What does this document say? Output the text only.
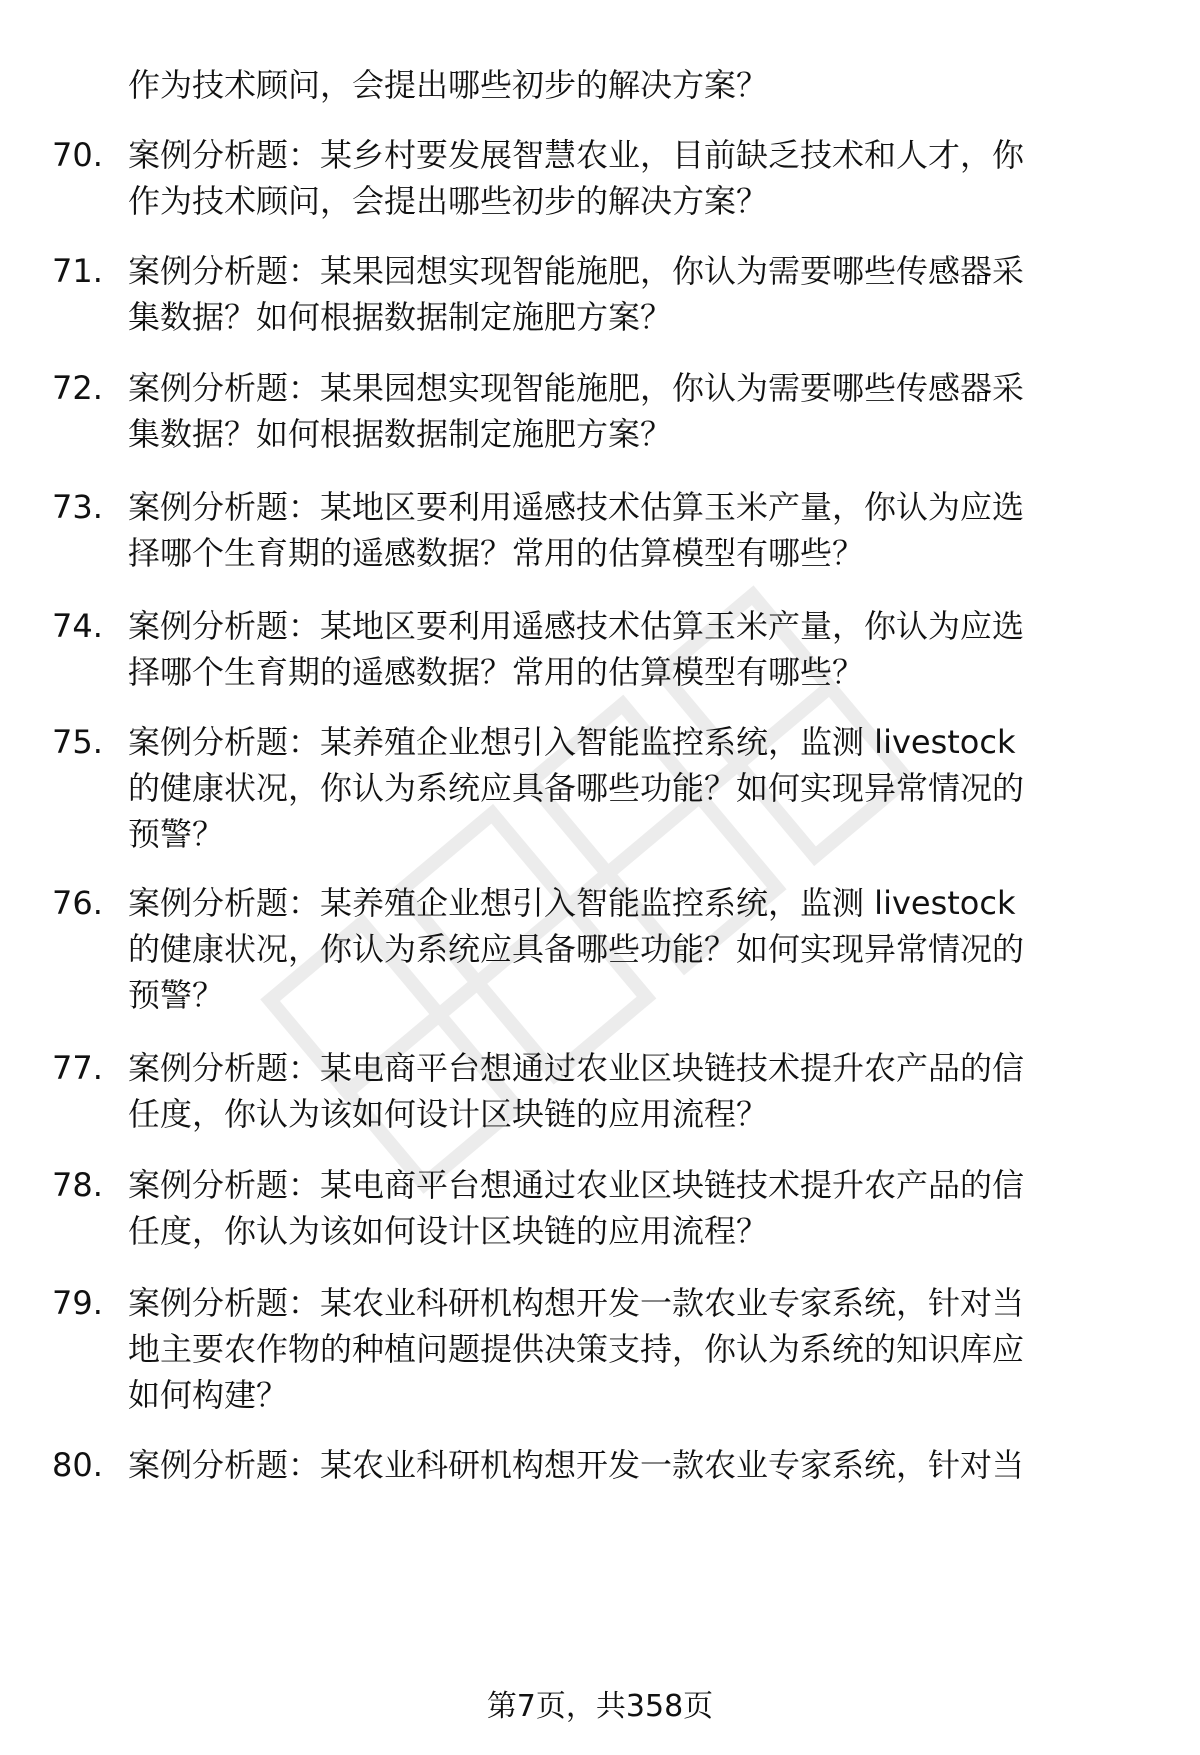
作为技术顾问，会提出哪些初步的解决方案？
70. 案例分析题：某乡村要发展智慧农业，目前缺乏技术和人才，你
作为技术顾问，会提出哪些初步的解决方案？
71. 案例分析题：某果园想实现智能施肥，你认为需要哪些传感器采
集数据？如何根据数据制定施肥方案？
72. 案例分析题：某果园想实现智能施肥，你认为需要哪些传感器采
集数据？如何根据数据制定施肥方案？
73. 案例分析题：某地区要利用遥感技术估算玉米产量，你认为应选
择哪个生育期的遥感数据？常用的估算模型有哪些？
74. 案例分析题：某地区要利用遥感技术估算玉米产量，你认为应选
择哪个生育期的遥感数据？常用的估算模型有哪些？
75. 案例分析题：某养殖企业想引入智能监控系统，监测 livestock
的健康状况，你认为系统应具备哪些功能？如何实现异常情况的
预警？
76. 案例分析题：某养殖企业想引入智能监控系统，监测 livestock
的健康状况，你认为系统应具备哪些功能？如何实现异常情况的
预警？
77. 案例分析题：某电商平台想通过农业区块链技术提升农产品的信
任度，你认为该如何设计区块链的应用流程？
78. 案例分析题：某电商平台想通过农业区块链技术提升农产品的信
任度，你认为该如何设计区块链的应用流程？
79. 案例分析题：某农业科研机构想开发一款农业专家系统，针对当
地主要农作物的种植问题提供决策支持，你认为系统的知识库应
如何构建？
80. 案例分析题：某农业科研机构想开发一款农业专家系统，针对当
第7页，共358页
